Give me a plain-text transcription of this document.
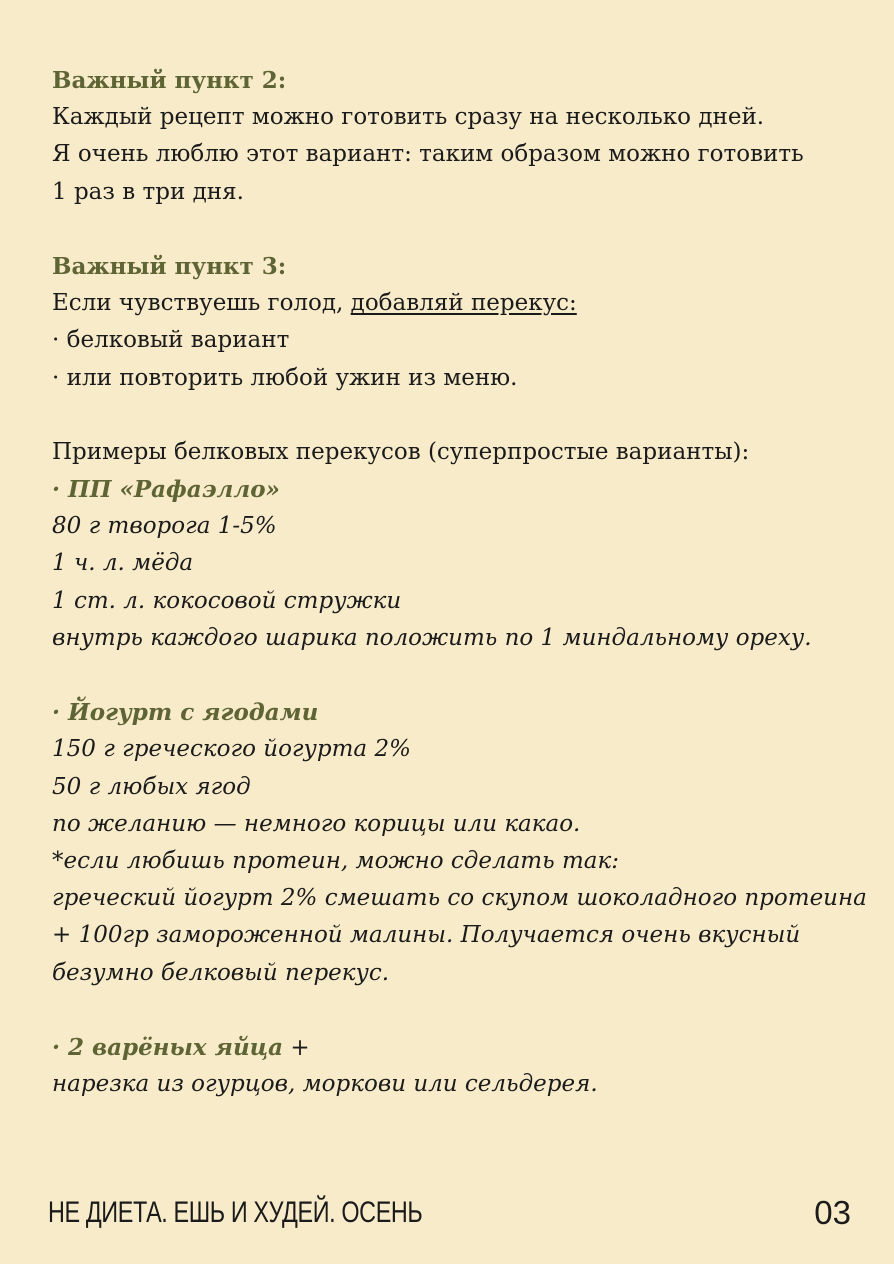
Важный пункт 2:
Каждый рецепт можно готовить сразу на несколько дней.
Я очень люблю этот вариант: таким образом можно готовить
1 раз в три дня.
Важный пункт 3:
Если чувствуешь голод, добавляй перекус:
· белковый вариант
· или повторить любой ужин из меню.
Примеры белковых перекусов (суперпростые варианты):
· ПП «Рафаэлло»
80 г творога 1-5%
1 ч. л. мёда
1 ст. л. кокосовой стружки
внутрь каждого шарика положить по 1 миндальному ореху.
· Йогурт с ягодами
150 г греческого йогурта 2%
50 г любых ягод
по желанию — немного корицы или какао.
*если любишь протеин, можно сделать так:
греческий йогурт 2% смешать со скупом шоколадного протеина
+ 100гр замороженной малины. Получается очень вкусный
безумно белковый перекус.
· 2 варёных яйца +
нарезка из огурцов, моркови или сельдерея.
НЕ ДИЕТА. ЕШЬ И ХУДЕЙ. ОСЕНЬ	03
